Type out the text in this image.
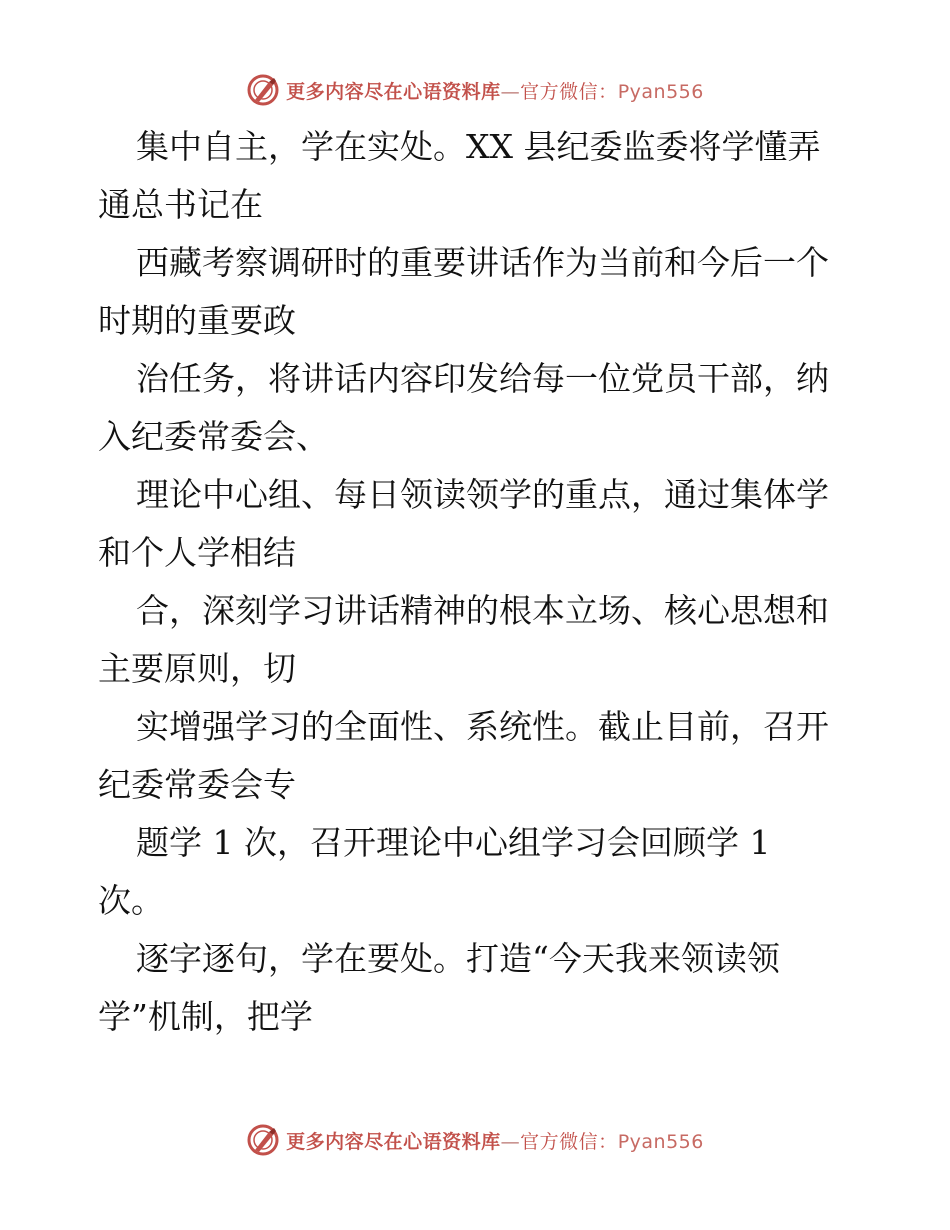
更多内容尽在心语资料库—官方微信：Pyan556
集中自主，学在实处。XX 县纪委监委将学懂弄
通总书记在
西藏考察调研时的重要讲话作为当前和今后一个
时期的重要政
治任务，将讲话内容印发给每一位党员干部，纳
入纪委常委会、
理论中心组、每日领读领学的重点，通过集体学
和个人学相结
合，深刻学习讲话精神的根本立场、核心思想和
主要原则，切
实增强学习的全面性、系统性。截止目前，召开
纪委常委会专
题学 1 次，召开理论中心组学习会回顾学 1
次。
逐字逐句，学在要处。打造“今天我来领读领
学”机制，把学
更多内容尽在心语资料库—官方微信：Pyan556
